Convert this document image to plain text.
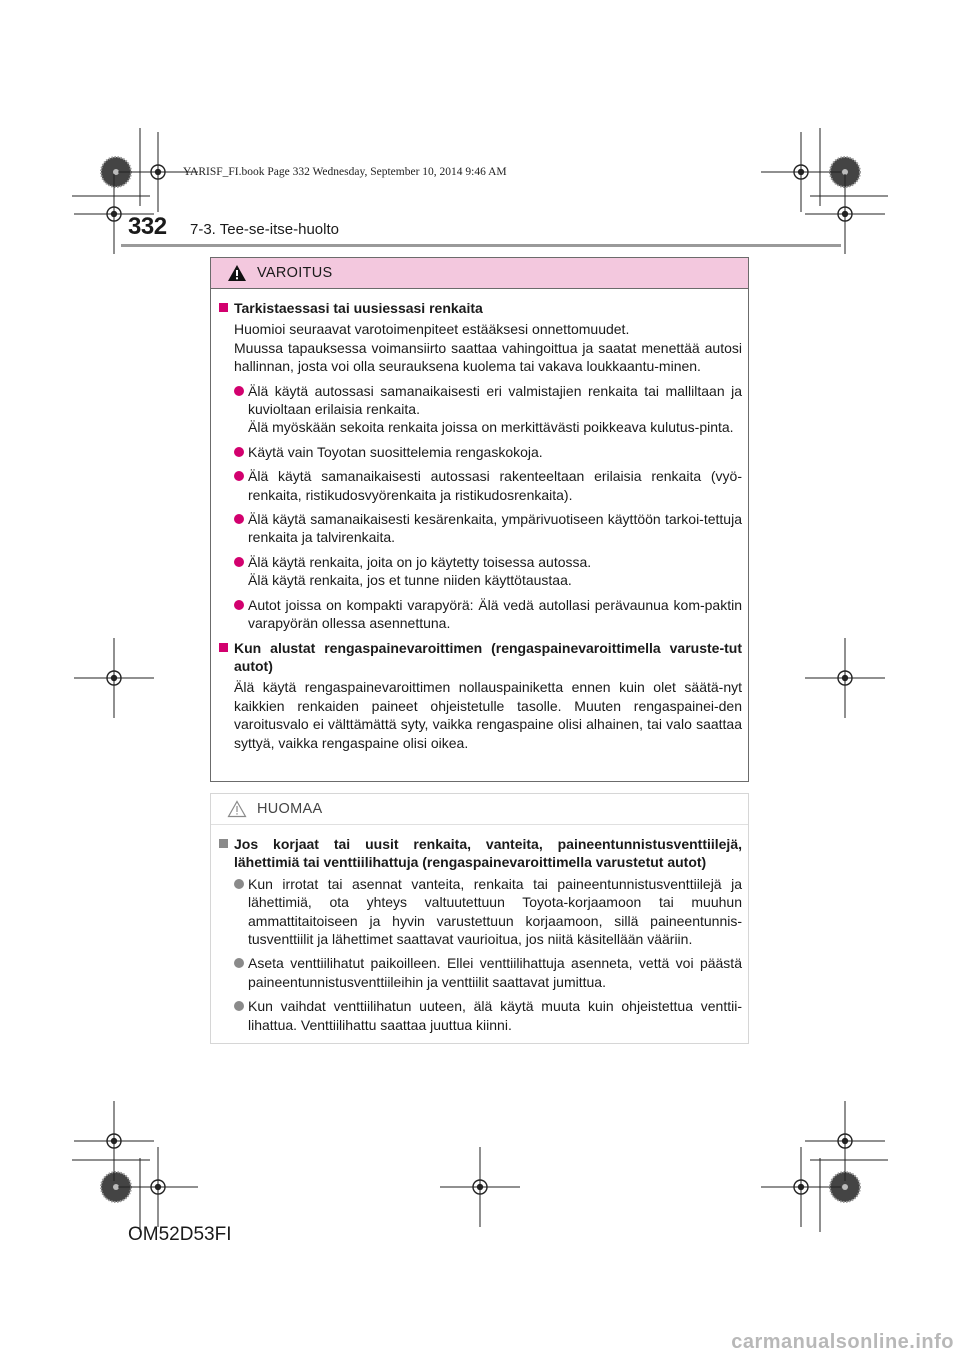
YARISF_FI.book Page 332 Wednesday, September 10, 2014 9:46 AM
332 7-3. Tee-se-itse-huolto
VAROITUS
Tarkistaessasi tai uusiessasi renkaita
Huomioi seuraavat varotoimenpiteet estääksesi onnettomuudet.
Muussa tapauksessa voimansiirto saattaa vahingoittua ja saatat menettää autosi hallinnan, josta voi olla seurauksena kuolema tai vakava loukkaantu-minen.
Älä käytä autossasi samanaikaisesti eri valmistajien renkaita tai malliltaan ja kuvioltaan erilaisia renkaita.
Älä myöskään sekoita renkaita joissa on merkittävästi poikkeava kulutus-pinta.
Käytä vain Toyotan suosittelemia rengaskokoja.
Älä käytä samanaikaisesti autossasi rakenteeltaan erilaisia renkaita (vyö-renkaita, ristikudosvyörenkaita ja ristikudosrenkaita).
Älä käytä samanaikaisesti kesärenkaita, ympärivuotiseen käyttöön tarkoi-tettuja renkaita ja talvirenkaita.
Älä käytä renkaita, joita on jo käytetty toisessa autossa.
Älä käytä renkaita, jos et tunne niiden käyttötaustaa.
Autot joissa on kompakti varapyörä: Älä vedä autollasi perävaunua kom-paktin varapyörän ollessa asennettuna.
Kun alustat rengaspainevaroittimen (rengaspainevaroittimella varuste-tut autot)
Älä käytä rengaspainevaroittimen nollauspainiketta ennen kuin olet säätä-nyt kaikkien renkaiden paineet ohjeistetulle tasolle. Muuten rengaspainei-den varoitusvalo ei välttämättä syty, vaikka rengaspaine olisi alhainen, tai valo saattaa syttyä, vaikka rengaspaine olisi oikea.
HUOMAA
Jos korjaat tai uusit renkaita, vanteita, paineentunnistusventtiilejä, lähettimiä tai venttiilihattuja (rengaspainevaroittimella varustetut autot)
Kun irrotat tai asennat vanteita, renkaita tai paineentunnistusventtiilejä ja lähettimiä, ota yhteys valtuutettuun Toyota-korjaamoon tai muuhun ammattitaitoiseen ja hyvin varustettuun korjaamoon, sillä paineentunnis-tusventtiilit ja lähettimet saattavat vaurioitua, jos niitä käsitellään vääriin.
Aseta venttiilihatut paikoilleen. Ellei venttiilihattuja asenneta, vettä voi päästä paineentunnistusventtiileihin ja venttiilit saattavat jumittua.
Kun vaihdat venttiilihatun uuteen, älä käytä muuta kuin ohjeistettua venttii-lihattua. Venttiilihattu saattaa juuttua kiinni.
OM52D53FI
carmanualsonline.info
